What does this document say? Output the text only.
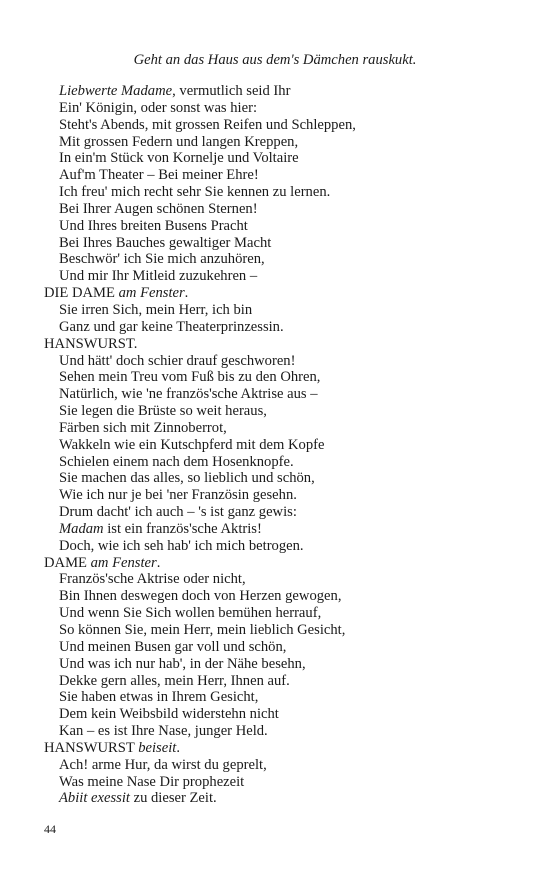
Geht an das Haus aus dem's Dämchen rauskukt.
Liebwerte Madame, vermutlich seid Ihr
Ein' Königin, oder sonst was hier:
Steht's Abends, mit grossen Reifen und Schleppen,
Mit grossen Federn und langen Kreppen,
In ein'm Stück von Kornelje und Voltaire
Auf'm Theater – Bei meiner Ehre!
Ich freu' mich recht sehr Sie kennen zu lernen.
Bei Ihrer Augen schönen Sternen!
Und Ihres breiten Busens Pracht
Bei Ihres Bauches gewaltiger Macht
Beschwör' ich Sie mich anzuhören,
Und mir Ihr Mitleid zuzukehren –
DIE DAME am Fenster.
Sie irren Sich, mein Herr, ich bin
Ganz und gar keine Theaterprinzessin.
HANSWURST.
Und hätt' doch schier drauf geschworen!
Sehen mein Treu vom Fuß bis zu den Ohren,
Natürlich, wie 'ne französ'sche Aktrise aus –
Sie legen die Brüste so weit heraus,
Färben sich mit Zinnoberrot,
Wakkeln wie ein Kutschpferd mit dem Kopfe
Schielen einem nach dem Hosenknopfe.
Sie machen das alles, so lieblich und schön,
Wie ich nur je bei 'ner Französin gesehn.
Drum dacht' ich auch – 's ist ganz gewis:
Madam ist ein französ'sche Aktris!
Doch, wie ich seh hab' ich mich betrogen.
DAME am Fenster.
Französ'sche Aktrise oder nicht,
Bin Ihnen deswegen doch von Herzen gewogen,
Und wenn Sie Sich wollen bemühen herrauf,
So können Sie, mein Herr, mein lieblich Gesicht,
Und meinen Busen gar voll und schön,
Und was ich nur hab', in der Nähe besehn,
Dekke gern alles, mein Herr, Ihnen auf.
Sie haben etwas in Ihrem Gesicht,
Dem kein Weibsbild widerstehn nicht
Kan – es ist Ihre Nase, junger Held.
HANSWURST beiseit.
Ach! arme Hur, da wirst du geprelt,
Was meine Nase Dir prophezeit
Abiit exessit zu dieser Zeit.
44
